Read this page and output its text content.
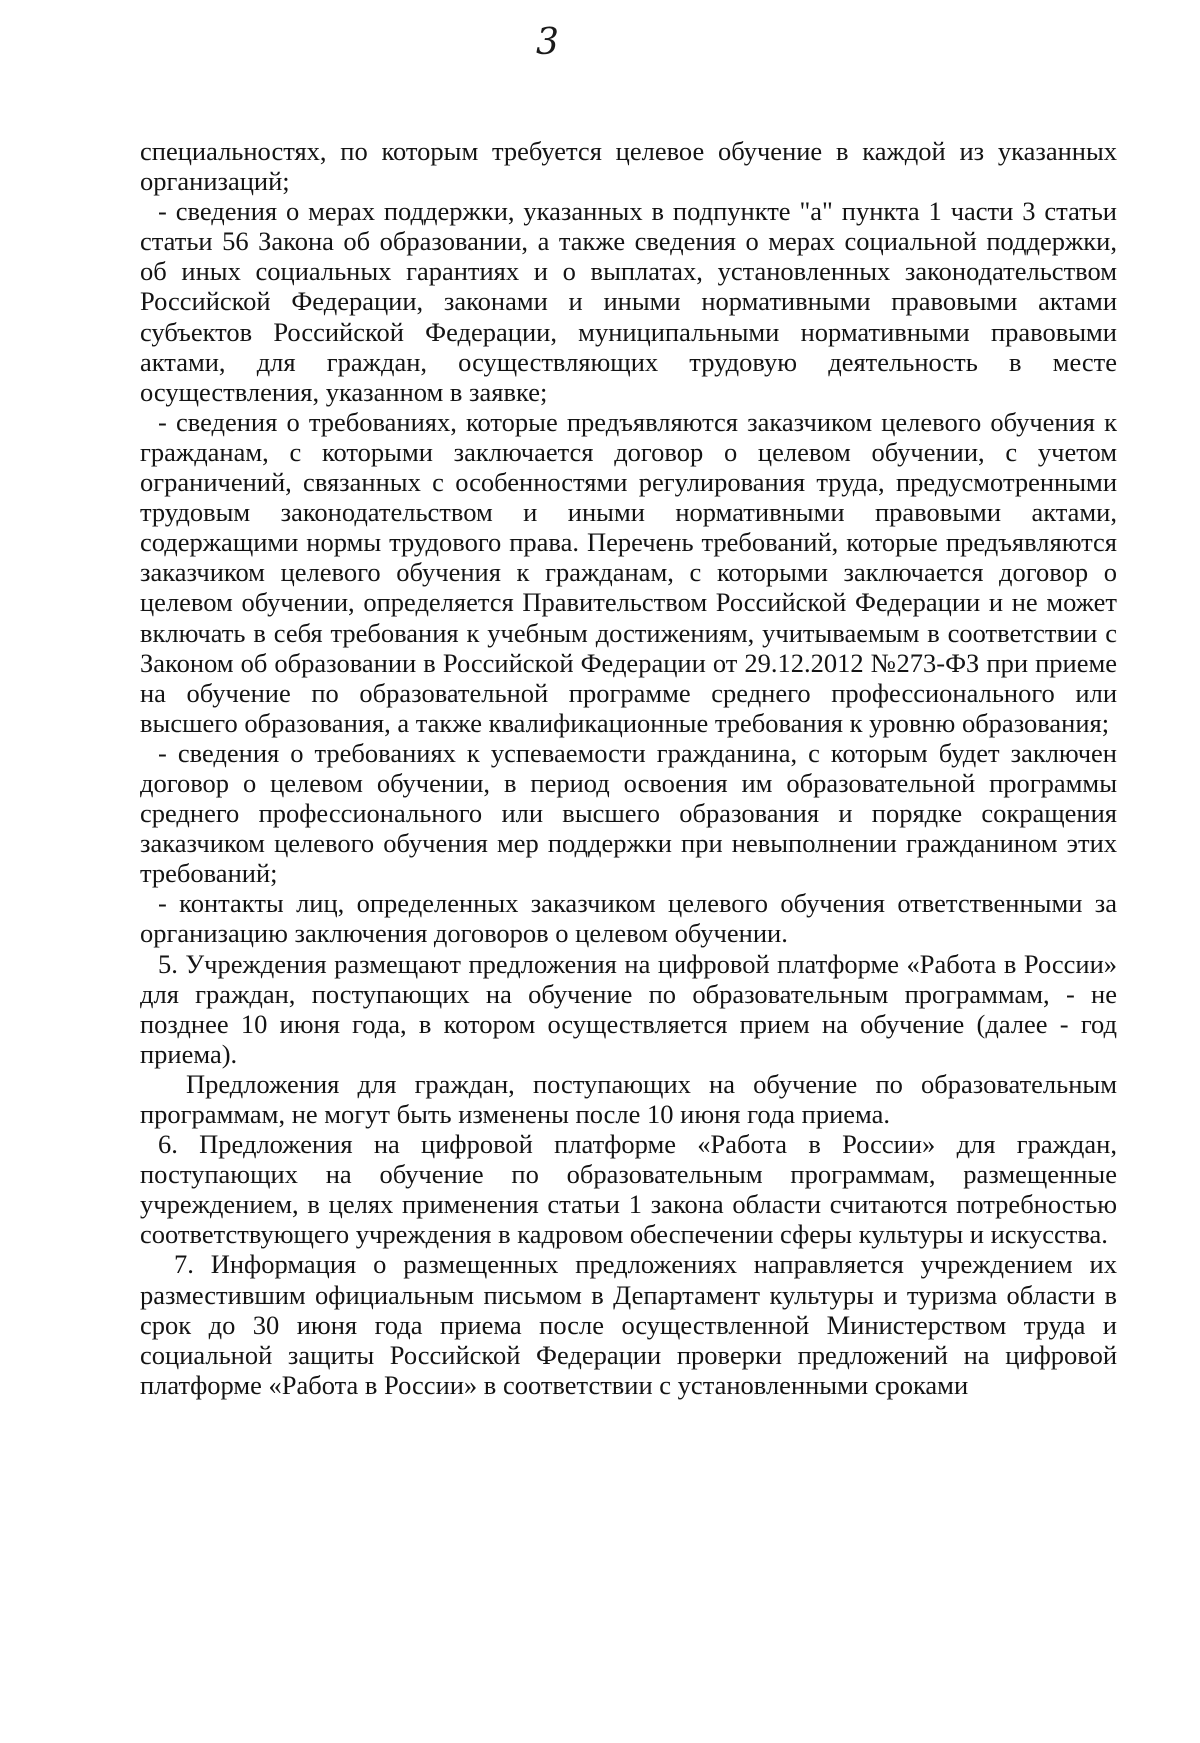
3

специальностях, по которым требуется целевое обучение в каждой из указанных организаций;

- сведения о мерах поддержки, указанных в подпункте "а" пункта 1 части 3 статьи статьи 56 Закона об образовании, а также сведения о мерах социальной поддержки, об иных социальных гарантиях и о выплатах, установленных законодательством Российской Федерации, законами и иными нормативными правовыми актами субъектов Российской Федерации, муниципальными нормативными правовыми актами, для граждан, осуществляющих трудовую деятельность в месте осуществления, указанном в заявке;

- сведения о требованиях, которые предъявляются заказчиком целевого обучения к гражданам, с которыми заключается договор о целевом обучении, с учетом ограничений, связанных с особенностями регулирования труда, предусмотренными трудовым законодательством и иными нормативными правовыми актами, содержащими нормы трудового права. Перечень требований, которые предъявляются заказчиком целевого обучения к гражданам, с которыми заключается договор о целевом обучении, определяется Правительством Российской Федерации и не может включать в себя требования к учебным достижениям, учитываемым в соответствии с Законом об образовании в Российской Федерации от 29.12.2012 №273-ФЗ при приеме на обучение по образовательной программе среднего профессионального или высшего образования, а также квалификационные требования к уровню образования;

- сведения о требованиях к успеваемости гражданина, с которым будет заключен договор о целевом обучении, в период освоения им образовательной программы среднего профессионального или высшего образования и порядке сокращения заказчиком целевого обучения мер поддержки при невыполнении гражданином этих требований;

- контакты лиц, определенных заказчиком целевого обучения ответственными за организацию заключения договоров о целевом обучении.

5. Учреждения размещают предложения на цифровой платформе «Работа в России» для граждан, поступающих на обучение по образовательным программам, - не позднее 10 июня года, в котором осуществляется прием на обучение (далее - год приема).

Предложения для граждан, поступающих на обучение по образовательным программам, не могут быть изменены после 10 июня года приема.

6. Предложения на цифровой платформе «Работа в России» для граждан, поступающих на обучение по образовательным программам, размещенные учреждением, в целях применения статьи 1 закона области считаются потребностью соответствующего учреждения в кадровом обеспечении сферы культуры и искусства.

7. Информация о размещенных предложениях направляется учреждением их разместившим официальным письмом в Департамент культуры и туризма области в срок до 30 июня года приема после осуществленной Министерством труда и социальной защиты Российской Федерации проверки предложений на цифровой платформе «Работа в России» в соответствии с установленными сроками
